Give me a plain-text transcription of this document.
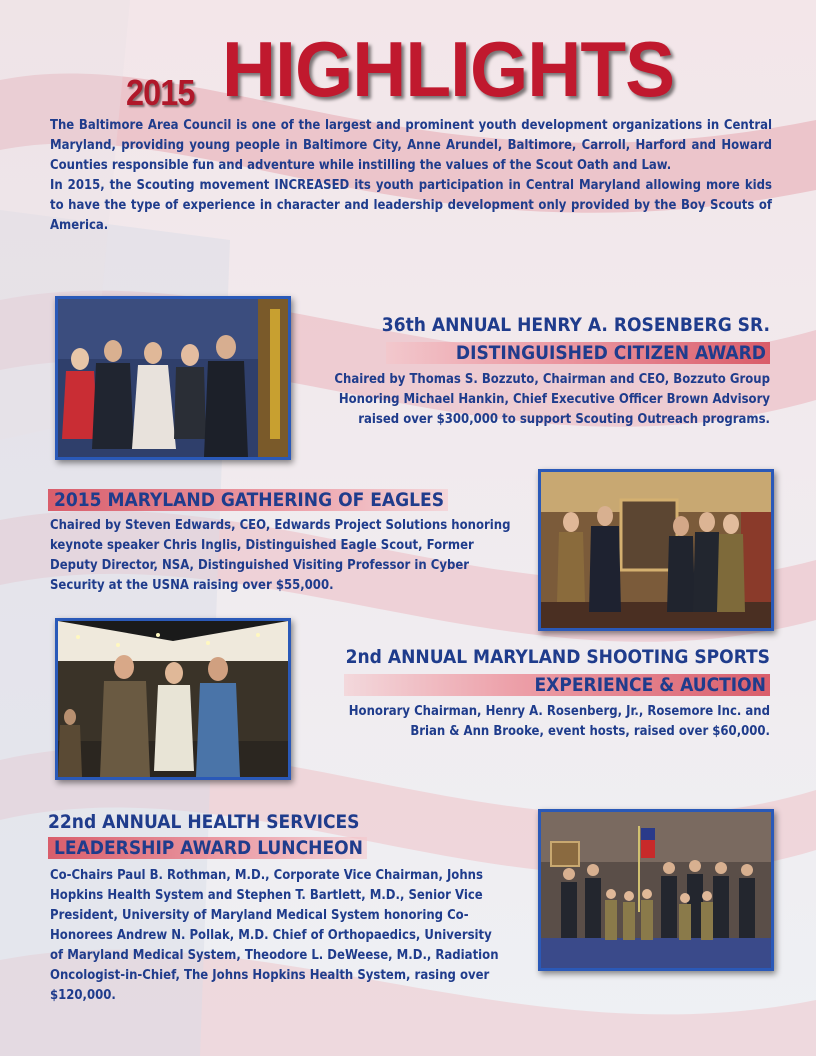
2015 HIGHLIGHTS

The Baltimore Area Council is one of the largest and prominent youth development organizations in Central Maryland, providing young people in Baltimore City, Anne Arundel, Baltimore, Carroll, Harford and Howard Counties responsible fun and adventure while instilling the values of the Scout Oath and Law.

In 2015, the Scouting movement INCREASED its youth participation in Central Maryland allowing more kids to have the type of experience in character and leadership development only provided by the Boy Scouts of America.

36th ANNUAL HENRY A. ROSENBERG SR.
DISTINGUISHED CITIZEN AWARD
Chaired by Thomas S. Bozzuto, Chairman and CEO, Bozzuto Group
Honoring Michael Hankin, Chief Executive Officer Brown Advisory
raised over $300,000 to support Scouting Outreach programs.
2015 MARYLAND GATHERING OF EAGLES
Chaired by Steven Edwards, CEO, Edwards Project Solutions honoring
keynote speaker Chris Inglis, Distinguished Eagle Scout, Former
Deputy Director, NSA, Distinguished Visiting Professor in Cyber
Security at the USNA raising over $55,000.
2nd ANNUAL MARYLAND SHOOTING SPORTS
EXPERIENCE & AUCTION
Honorary Chairman, Henry A. Rosenberg, Jr., Rosemore Inc. and
Brian & Ann Brooke, event hosts, raised over $60,000.
22nd ANNUAL HEALTH SERVICES
LEADERSHIP AWARD LUNCHEON
Co-Chairs Paul B. Rothman, M.D., Corporate Vice Chairman, Johns
Hopkins Health System and Stephen T. Bartlett, M.D., Senior Vice
President, University of Maryland Medical System honoring Co-
Honorees Andrew N. Pollak, M.D. Chief of Orthopaedics, University
of Maryland Medical System, Theodore L. DeWeese, M.D., Radiation
Oncologist-in-Chief, The Johns Hopkins Health System, rasing over
$120,000.
